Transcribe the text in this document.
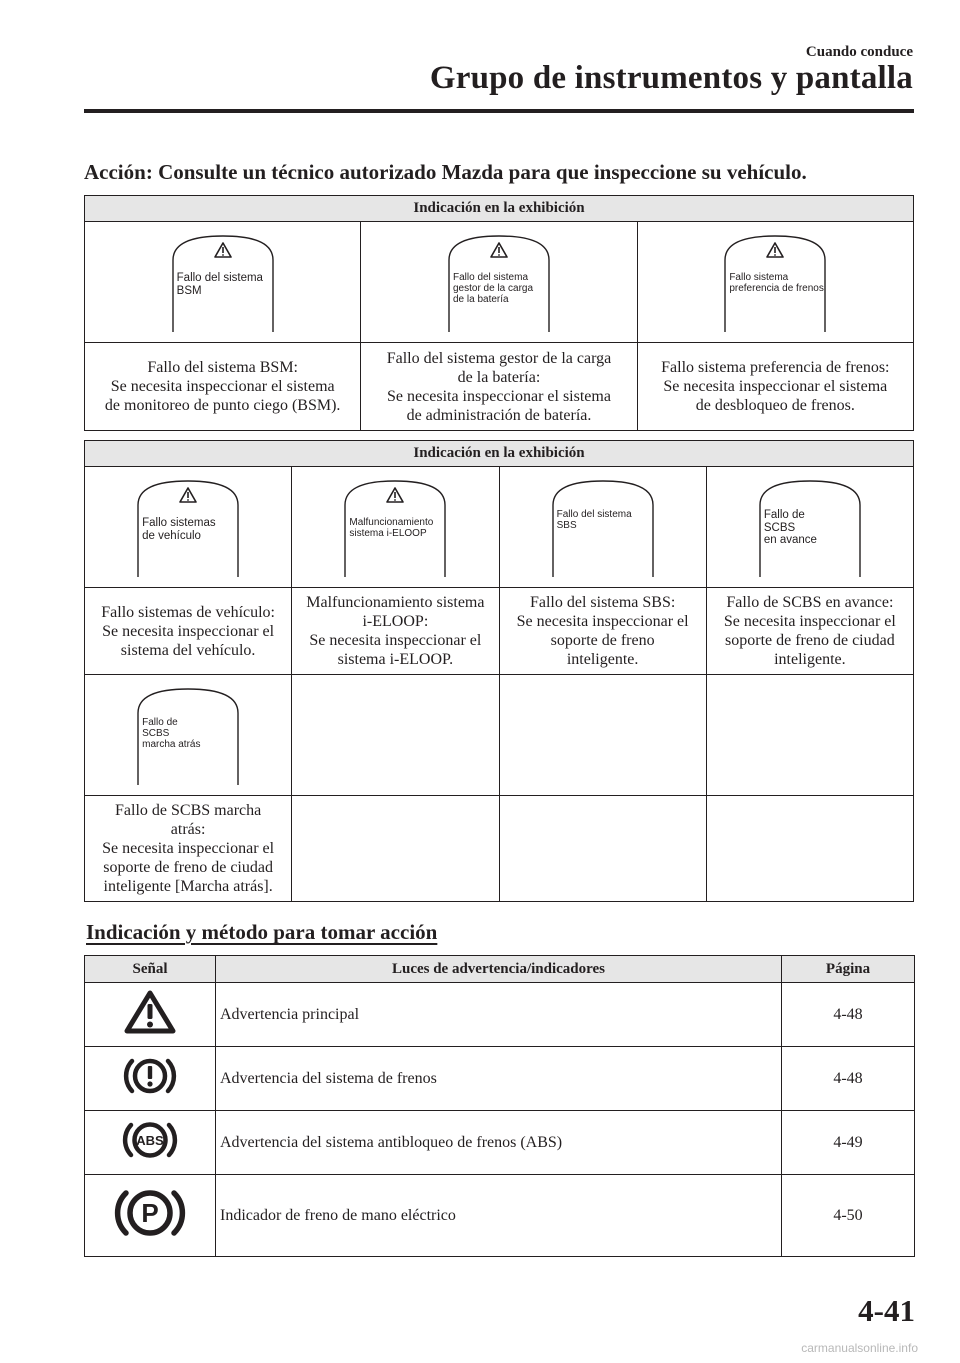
Cuando conduce
Grupo de instrumentos y pantalla
Acción: Consulte un técnico autorizado Mazda para que inspeccione su vehículo.
Indicación en la exhibición		

Fallo del sistema
BSM	Fallo del sistema
gestor de la carga
de la batería	Fallo sistema
preferencia de frenos

Fallo del sistema BSM:
Se necesita inspeccionar el sistema
de monitoreo de punto ciego (BSM).	Fallo del sistema gestor de la carga
de la batería:
Se necesita inspeccionar el sistema
de administración de batería.	Fallo sistema preferencia de frenos:
Se necesita inspeccionar el sistema
de desbloqueo de frenos.
Indicación en la exhibición			

Fallo sistemas
de vehículo	Malfuncionamiento
sistema i-ELOOP	Fallo del sistema
SBS	Fallo de
SCBS
en avance

Fallo sistemas de vehículo:
Se necesita inspeccionar el
sistema del vehículo.	Malfuncionamiento sistema
i-ELOOP:
Se necesita inspeccionar el
sistema i-ELOOP.	Fallo del sistema SBS:
Se necesita inspeccionar el
soporte de freno
inteligente.	Fallo de SCBS en avance:
Se necesita inspeccionar el
soporte de freno de ciudad
inteligente.

Fallo de
SCBS
marcha atrás			

Fallo de SCBS marcha
atrás:
Se necesita inspeccionar el
soporte de freno de ciudad
inteligente [Marcha atrás].			
Indicación y método para tomar acción
Señal	Luces de advertencia/indicadores	Página
	Advertencia principal	4-48
	Advertencia del sistema de frenos	4-48

ABS	Advertencia del sistema antibloqueo de frenos (ABS)	4-49

P	Indicador de freno de mano eléctrico	4-50
4-41
carmanualsonline.info
